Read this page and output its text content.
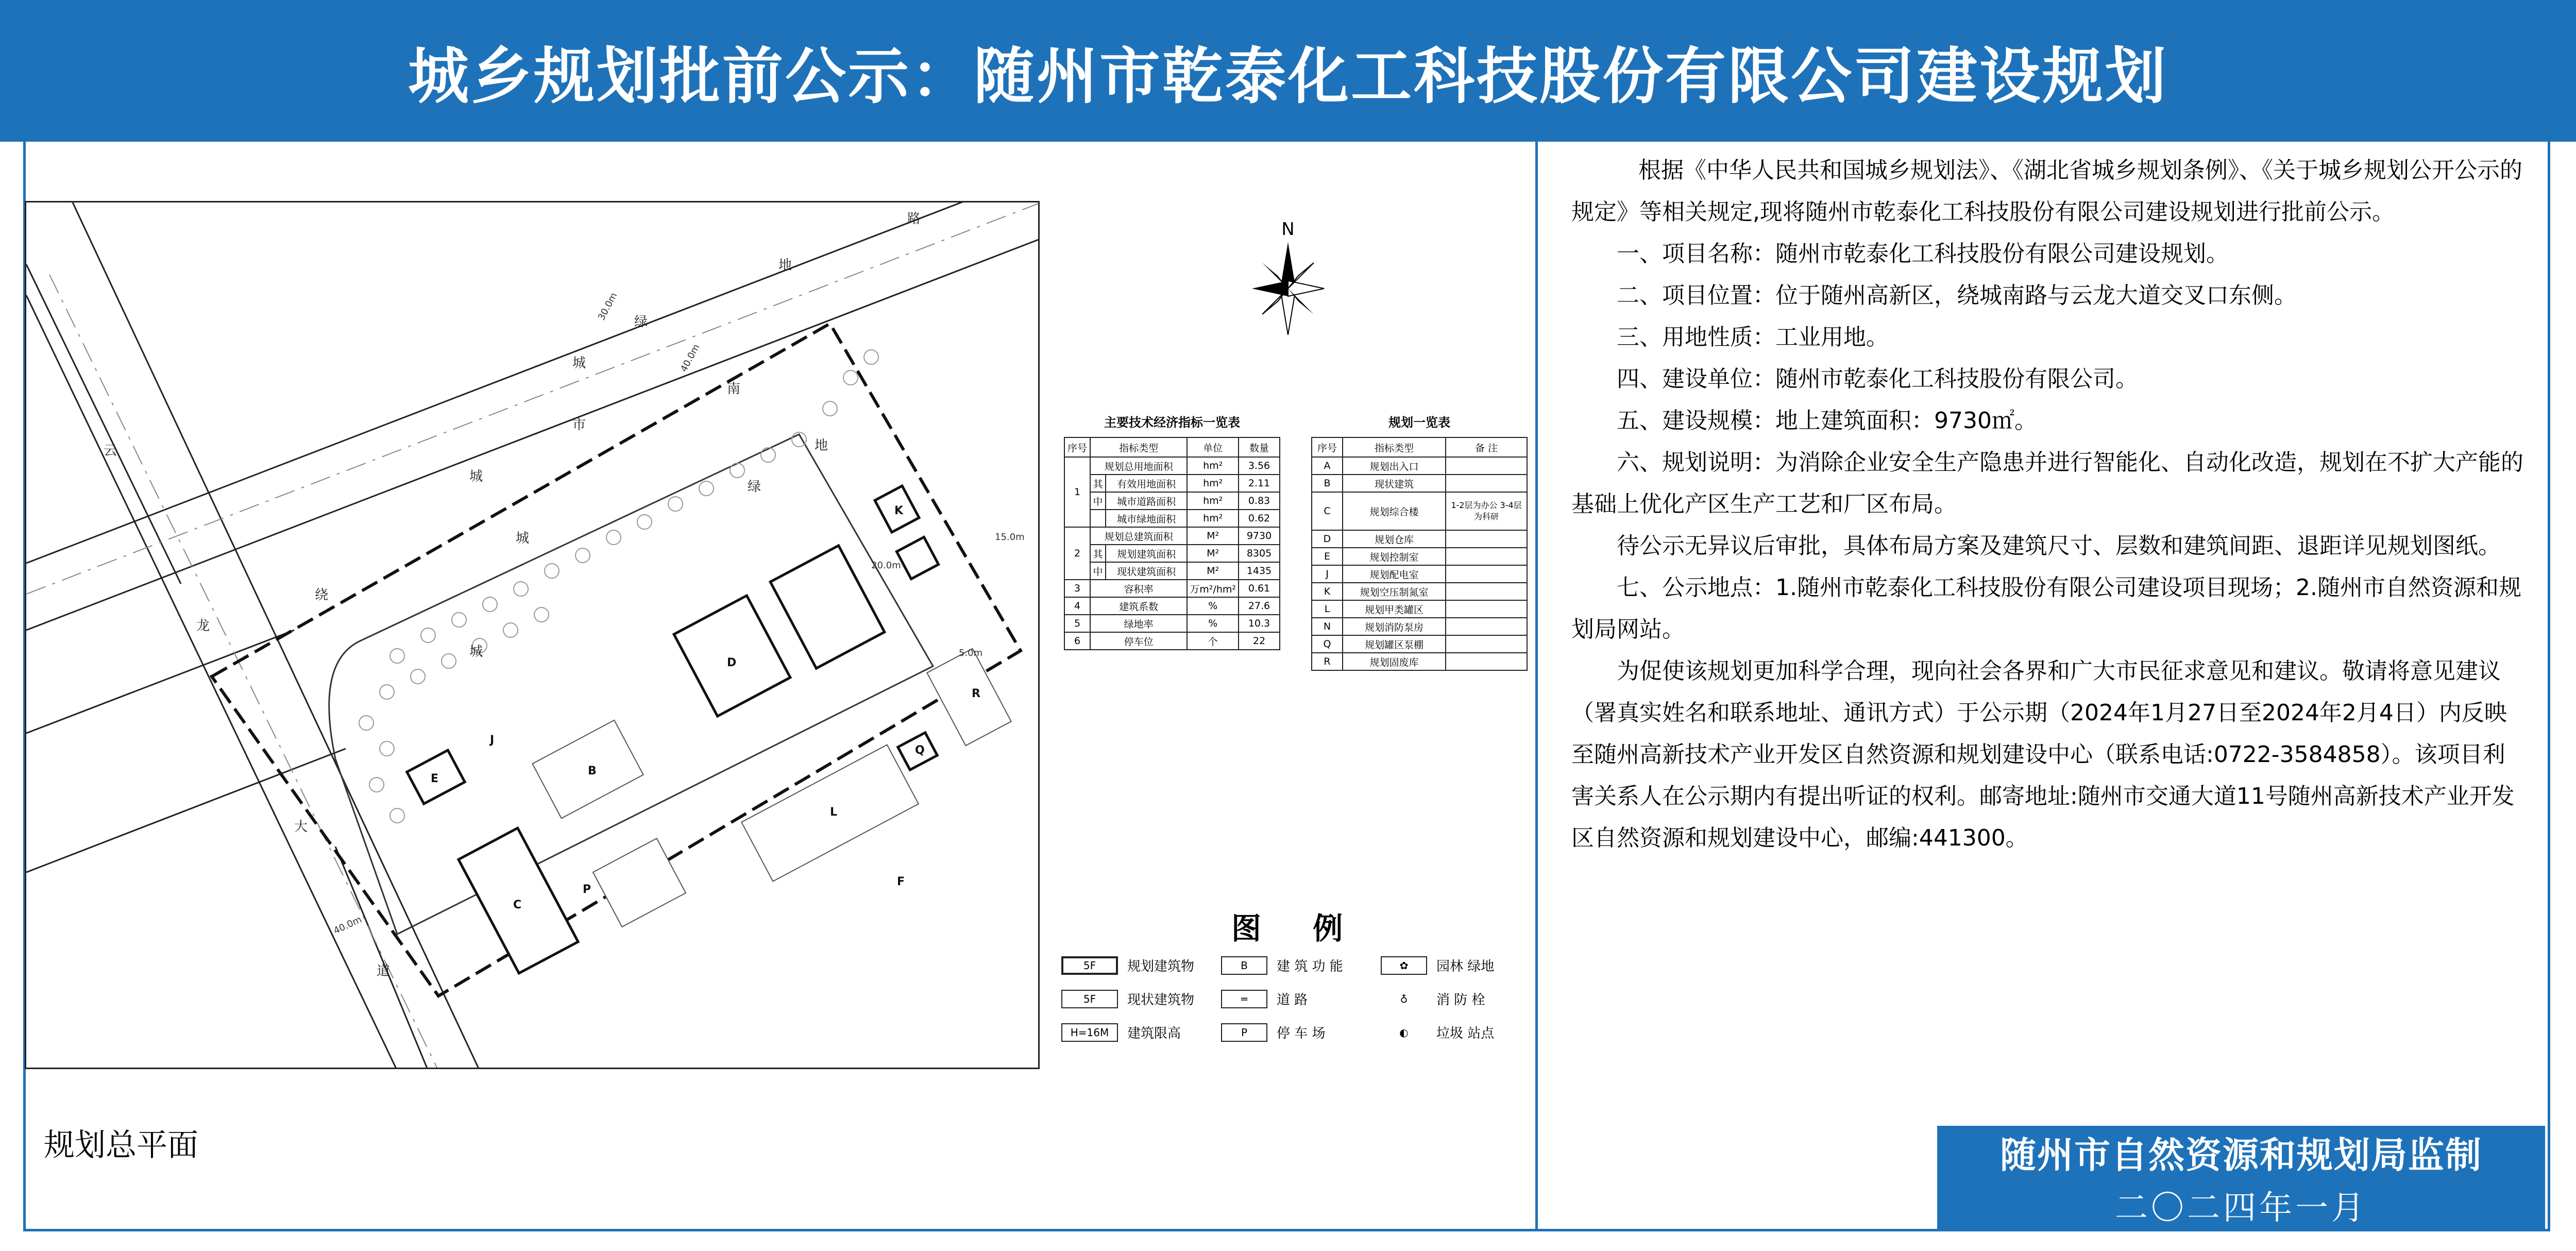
城乡规划批前公示：随州市乾泰化工科技股份有限公司建设规划
城
市
绿
地
路
城
南
城
云
龙
大
道
绕
城
绿
地
B
C
D
E
F
J
K
L
P
Q
R
30.0m
40.0m
40.0m
15.0m
20.0m
5.0m
N
主要技术经济指标一览表
序号	指标类型		单位	数量
1	规划总用地面积		hm²	3.56
	其	有效用地面积	hm²	2.11
	中	城市道路面积	hm²	0.83
		城市绿地面积	hm²	0.62
2	规划总建筑面积		M²	9730
	其	规划建筑面积	M²	8305
	中	现状建筑面积	M²	1435
3	容积率		万m²/hm²	0.61
4	建筑系数		%	27.6
5	绿地率		%	10.3
6	停车位		个	22
规划一览表
序号	指标类型	备 注
A	规划出入口	
B	现状建筑	
C	规划综合楼	1-2层为办公 3-4层为科研
D	规划仓库	
E	规划控制室	
J	规划配电室	
K	规划空压制氮室	
L	规划甲类罐区	
N	规划消防泵房	
Q	规划罐区泵棚	
R	规划固废库	
图 例
5F	规划建筑物	B	建 筑 功 能	✿	园林 绿地
5F	现状建筑物	═	道 路	♁	消 防 栓
H=16M	建筑限高	P	停 车 场	◐	垃圾 站点
规划总平面

根据《中华人民共和国城乡规划法》、《湖北省城乡规划条例》、《关于城乡规划公开公示的规定》等相关规定,现将随州市乾泰化工科技股份有限公司建设规划进行批前公示。

一、项目名称：随州市乾泰化工科技股份有限公司建设规划。

二、项目位置：位于随州高新区，绕城南路与云龙大道交叉口东侧。

三、用地性质：工业用地。

四、建设单位：随州市乾泰化工科技股份有限公司。

五、建设规模：地上建筑面积：9730㎡。

六、规划说明：为消除企业安全生产隐患并进行智能化、自动化改造，规划在不扩大产能的基础上优化产区生产工艺和厂区布局。

待公示无异议后审批，具体布局方案及建筑尺寸、层数和建筑间距、退距详见规划图纸。

七、公示地点：1.随州市乾泰化工科技股份有限公司建设项目现场；2.随州市自然资源和规划局网站。

为促使该规划更加科学合理，现向社会各界和广大市民征求意见和建议。敬请将意见建议（署真实姓名和联系地址、通讯方式）于公示期（2024年1月27日至2024年2月4日）内反映至随州高新技术产业开发区自然资源和规划建设中心（联系电话:0722-3584858）。该项目利害关系人在公示期内有提出听证的权利。邮寄地址:随州市交通大道11号随州高新技术产业开发区自然资源和规划建设中心，邮编:441300。

随州市自然资源和规划局监制
二〇二四年一月
